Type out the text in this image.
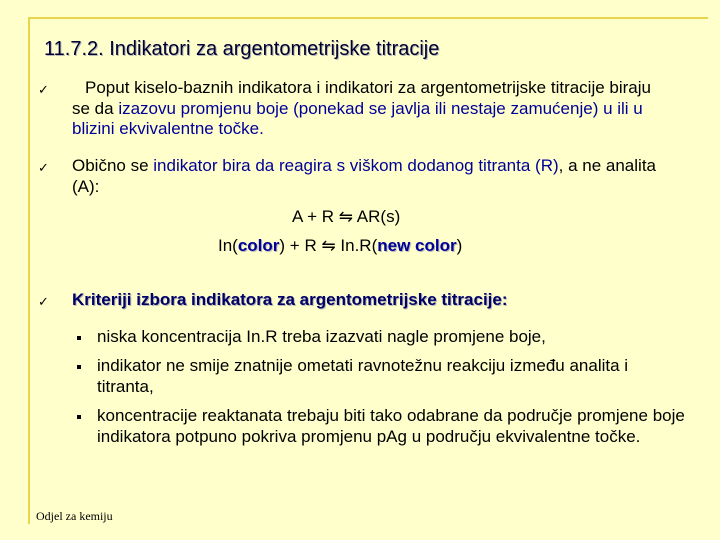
11.7.2. Indikatori za argentometrijske titracije
✓	Poput kiselo-baznih indikatora i indikatori za argentometrijske titracije biraju se da izazovu promjenu boje (ponekad se javlja ili nestaje zamućenje) u ili u blizini ekvivalentne točke.
✓ Obično se indikator bira da reagira s viškom dodanog titranta (R), a ne analita (A):
A + R ⇋ AR(s)
In(color) + R ⇋ In.R(new color)
✓ Kriteriji izbora indikatora za argentometrijske titracije:
niska koncentracija In.R treba izazvati nagle promjene boje,
indikator ne smije znatnije ometati ravnotežnu reakciju između analita i titranta,
koncentracije reaktanata trebaju biti tako odabrane da područje promjene boje indikatora potpuno pokriva promjenu pAg u području ekvivalentne točke.
Odjel za kemiju
